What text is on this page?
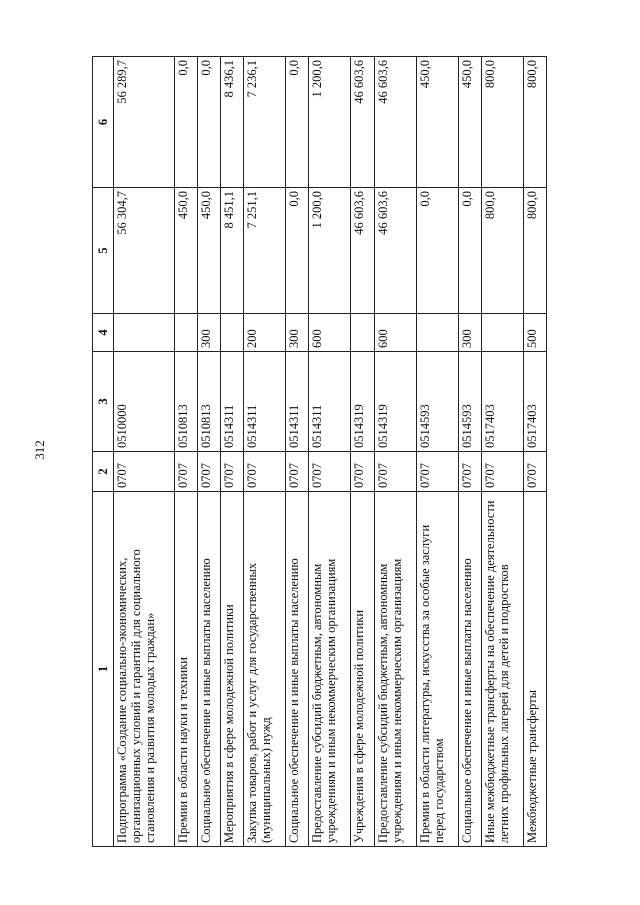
312
1	2	3	4	5	6
Подпрограмма «Создание социально-экономических, организационных условий и гарантий для социального становления и развития молодых граждан»	0707	0510000		56 304,7	56 289,7
Премии в области науки и техники	0707	0510813		450,0	0,0
Социальное обеспечение и иные выплаты населению	0707	0510813	300	450,0	0,0
Мероприятия в сфере молодежной политики	0707	0514311		8 451,1	8 436,1
Закупка товаров, работ и услуг для государственных (муниципальных) нужд	0707	0514311	200	7 251,1	7 236,1
Социальное обеспечение и иные выплаты населению	0707	0514311	300	0,0	0,0
Предоставление субсидий бюджетным, автономным учреждениям и иным некоммерческим организациям	0707	0514311	600	1 200,0	1 200,0
Учреждения в сфере молодежной политики	0707	0514319		46 603,6	46 603,6
Предоставление субсидий бюджетным, автономным учреждениям и иным некоммерческим организациям	0707	0514319	600	46 603,6	46 603,6
Премии в области литературы, искусства за особые заслуги перед государством	0707	0514593		0,0	450,0
Социальное обеспечение и иные выплаты населению	0707	0514593	300	0,0	450,0
Иные межбюджетные трансферты на обеспечение деятельности летних профильных лагерей для детей и подростков	0707	0517403		800,0	800,0
Межбюджетные трансферты	0707	0517403	500	800,0	800,0
